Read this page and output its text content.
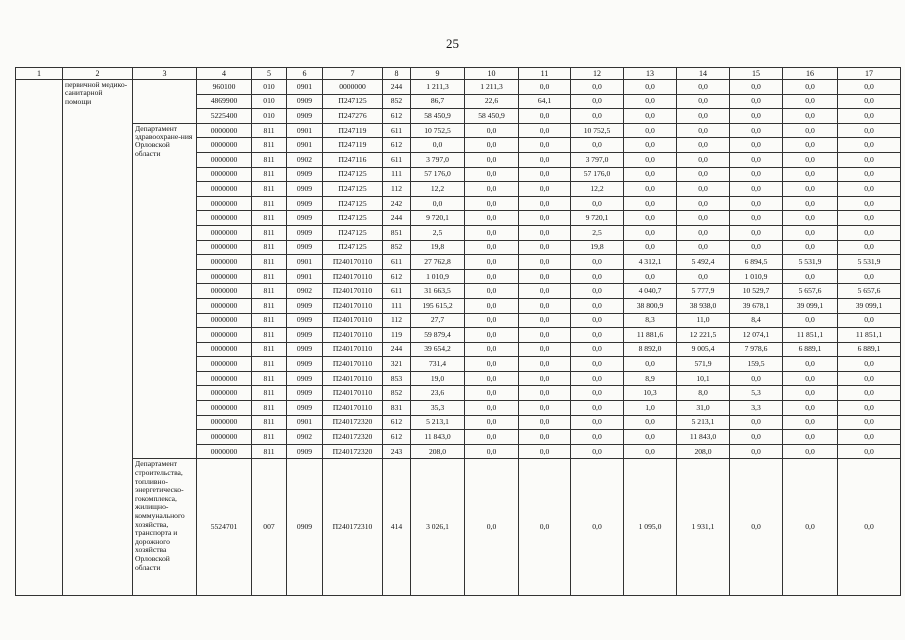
25
1	2	3	4	5	6	7	8	9	10	11	12	13	14	15	16	17
	первичной медико-санитарной помощи		960100	010	0901	0000000	244	1 211,3	1 211,3	0,0	0,0	0,0	0,0	0,0	0,0	0,0
			4869900	010	0909	П247125	852	86,7	22,6	64,1	0,0	0,0	0,0	0,0	0,0	0,0
			5225400	010	0909	П247276	612	58 450,9	58 450,9	0,0	0,0	0,0	0,0	0,0	0,0	0,0
		Департамент здравоохране-ния Орловской области	0000000	811	0901	П247119	611	10 752,5	0,0	0,0	10 752,5	0,0	0,0	0,0	0,0	0,0
			0000000	811	0901	П247119	612	0,0	0,0	0,0	0,0	0,0	0,0	0,0	0,0	0,0
			0000000	811	0902	П247116	611	3 797,0	0,0	0,0	3 797,0	0,0	0,0	0,0	0,0	0,0
			0000000	811	0909	П247125	111	57 176,0	0,0	0,0	57 176,0	0,0	0,0	0,0	0,0	0,0
			0000000	811	0909	П247125	112	12,2	0,0	0,0	12,2	0,0	0,0	0,0	0,0	0,0
			0000000	811	0909	П247125	242	0,0	0,0	0,0	0,0	0,0	0,0	0,0	0,0	0,0
			0000000	811	0909	П247125	244	9 720,1	0,0	0,0	9 720,1	0,0	0,0	0,0	0,0	0,0
			0000000	811	0909	П247125	851	2,5	0,0	0,0	2,5	0,0	0,0	0,0	0,0	0,0
			0000000	811	0909	П247125	852	19,8	0,0	0,0	19,8	0,0	0,0	0,0	0,0	0,0
			0000000	811	0901	П240170110	611	27 762,8	0,0	0,0	0,0	4 312,1	5 492,4	6 894,5	5 531,9	5 531,9
			0000000	811	0901	П240170110	612	1 010,9	0,0	0,0	0,0	0,0	0,0	1 010,9	0,0	0,0
			0000000	811	0902	П240170110	611	31 663,5	0,0	0,0	0,0	4 040,7	5 777,9	10 529,7	5 657,6	5 657,6
			0000000	811	0909	П240170110	111	195 615,2	0,0	0,0	0,0	38 800,9	38 938,0	39 678,1	39 099,1	39 099,1
			0000000	811	0909	П240170110	112	27,7	0,0	0,0	0,0	8,3	11,0	8,4	0,0	0,0
			0000000	811	0909	П240170110	119	59 879,4	0,0	0,0	0,0	11 881,6	12 221,5	12 074,1	11 851,1	11 851,1
			0000000	811	0909	П240170110	244	39 654,2	0,0	0,0	0,0	8 892,0	9 005,4	7 978,6	6 889,1	6 889,1
			0000000	811	0909	П240170110	321	731,4	0,0	0,0	0,0	0,0	571,9	159,5	0,0	0,0
			0000000	811	0909	П240170110	853	19,0	0,0	0,0	0,0	8,9	10,1	0,0	0,0	0,0
			0000000	811	0909	П240170110	852	23,6	0,0	0,0	0,0	10,3	8,0	5,3	0,0	0,0
			0000000	811	0909	П240170110	831	35,3	0,0	0,0	0,0	1,0	31,0	3,3	0,0	0,0
			0000000	811	0901	П240172320	612	5 213,1	0,0	0,0	0,0	0,0	5 213,1	0,0	0,0	0,0
			0000000	811	0902	П240172320	612	11 843,0	0,0	0,0	0,0	0,0	11 843,0	0,0	0,0	0,0
			0000000	811	0909	П240172320	243	208,0	0,0	0,0	0,0	0,0	208,0	0,0	0,0	0,0
		Департамент строительства, топливно-энергетическо-гокомплекса, жилищно-коммунального хозяйства, транспорта и дорожного хозяйства Орловской области	5524701	007	0909	П240172310	414	3 026,1	0,0	0,0	0,0	1 095,0	1 931,1	0,0	0,0	0,0
